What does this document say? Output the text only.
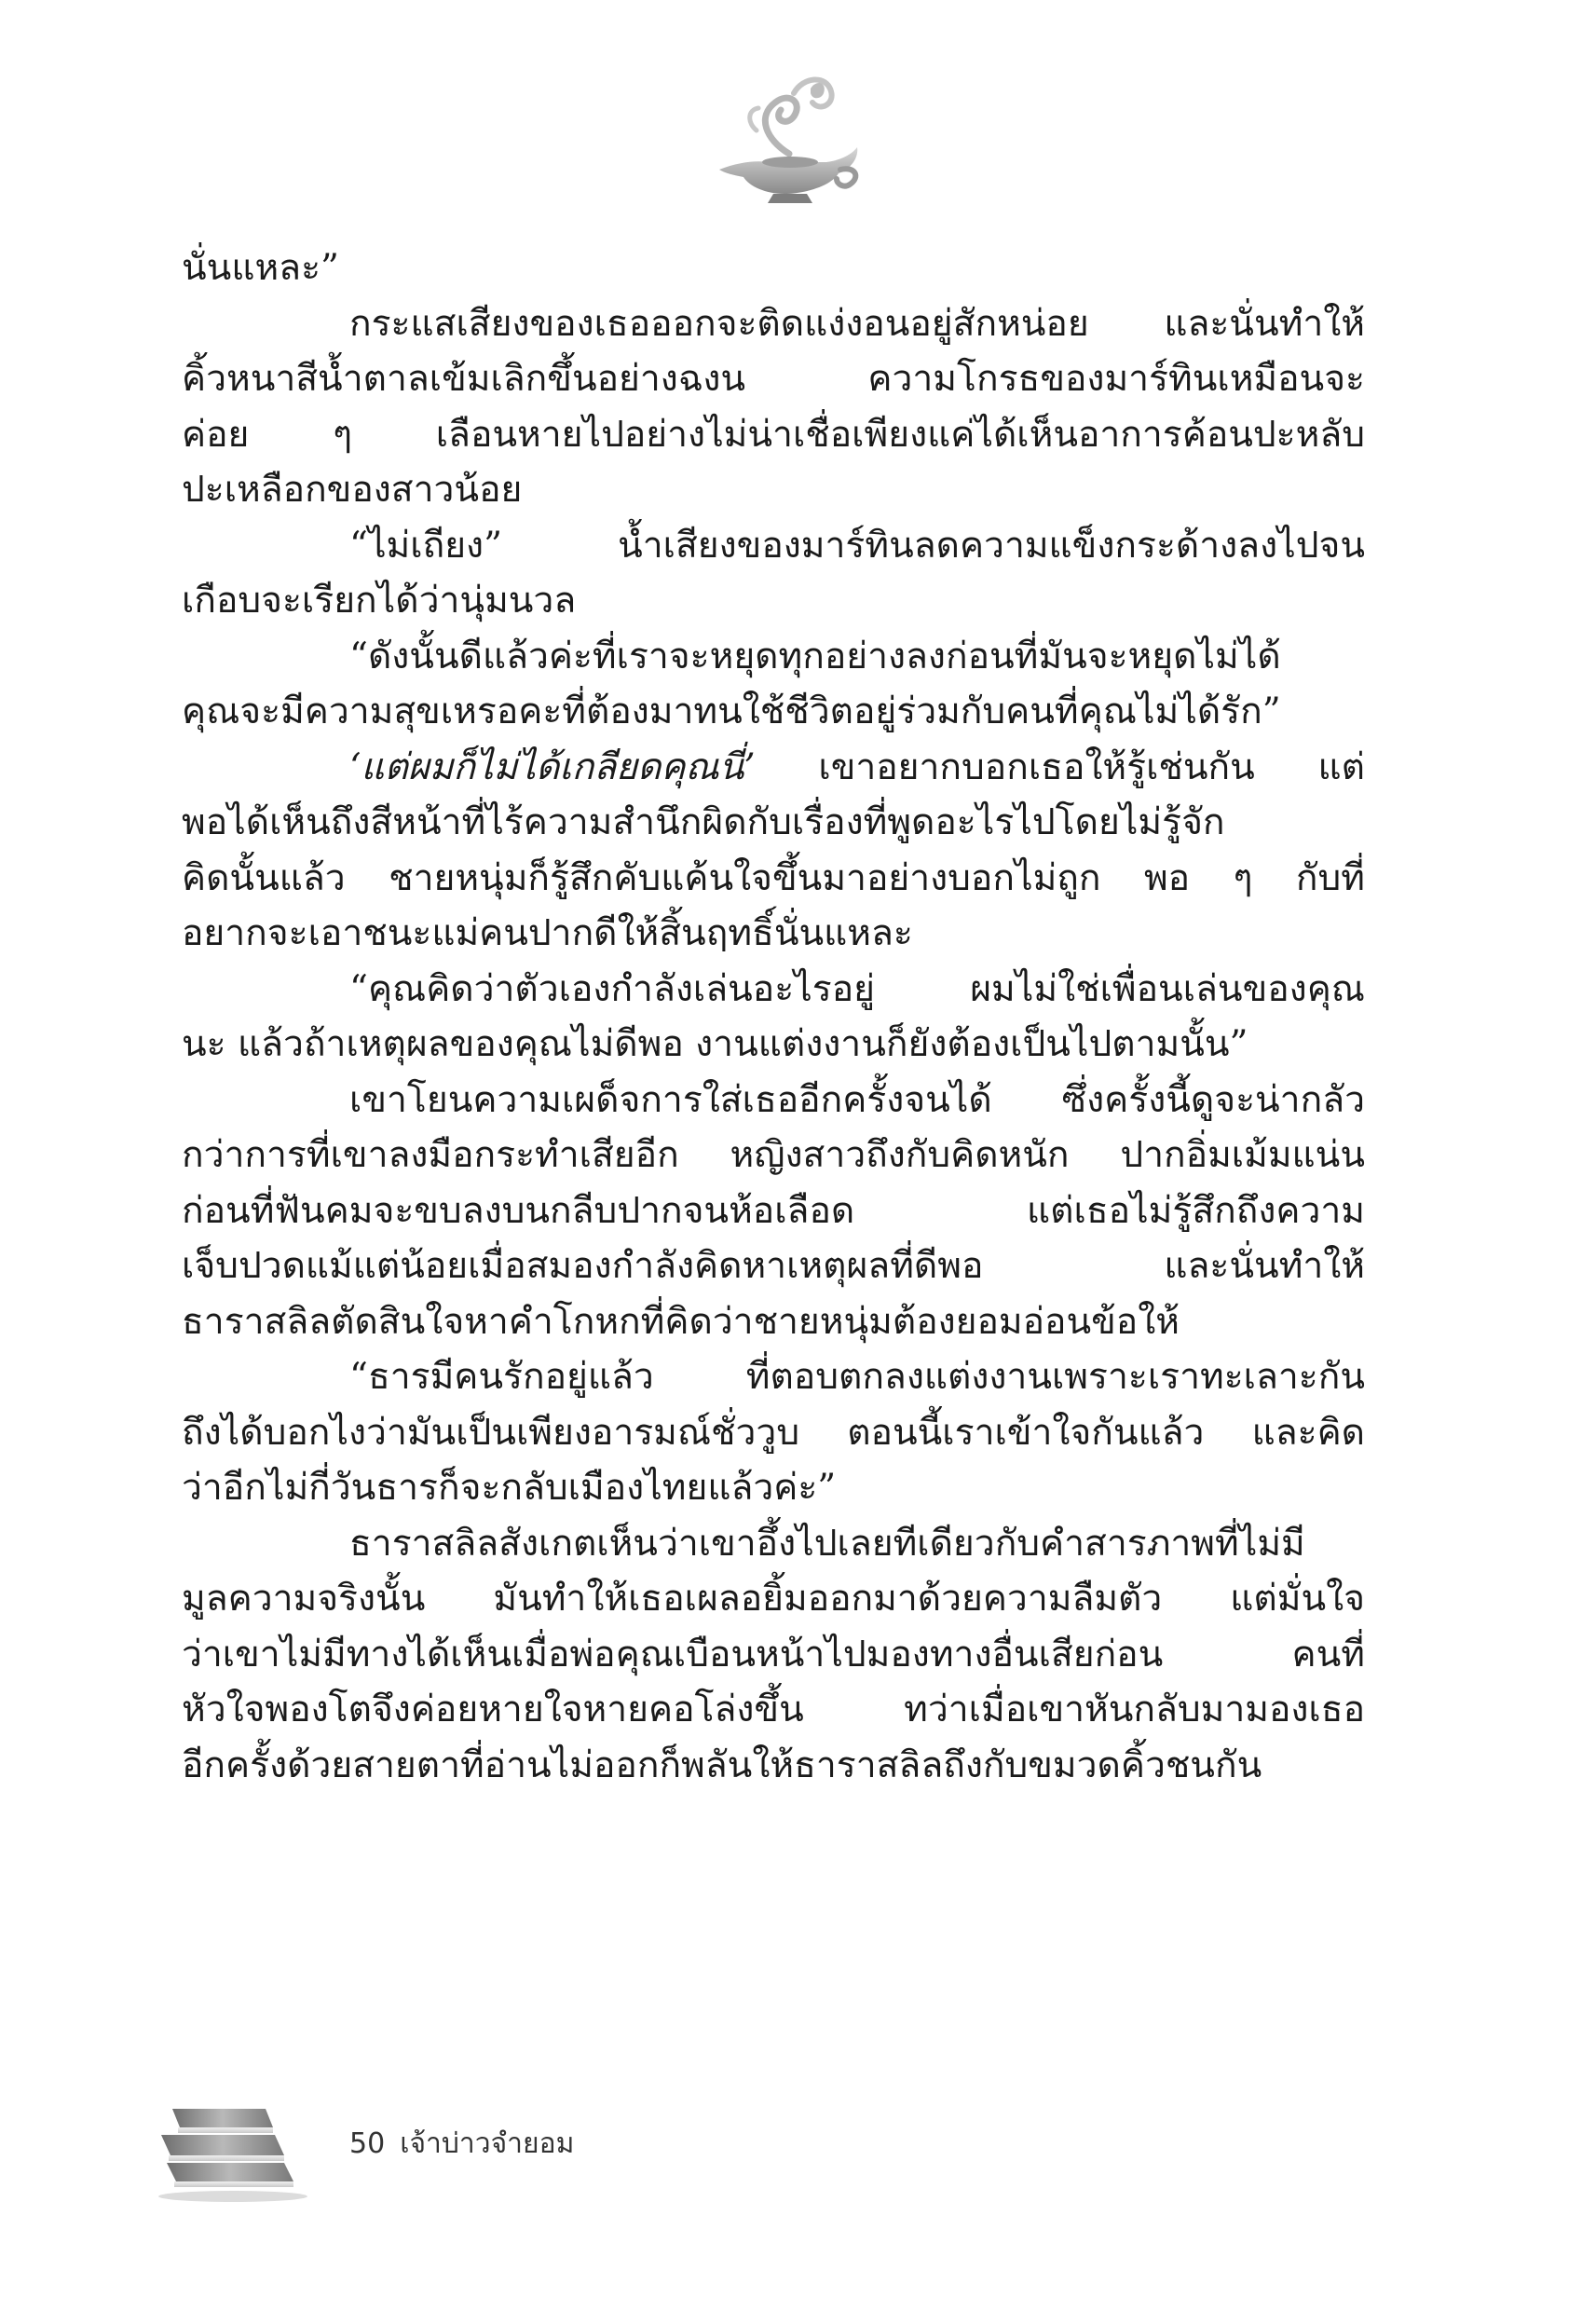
นั่นแหละ”
กระแสเสียงของเธอออกจะติดแง่งอนอยู่สักหน่อย และนั่นทำให้
คิ้วหนาสีน้ำตาลเข้มเลิกขึ้นอย่างฉงน ความโกรธของมาร์ทินเหมือนจะ
ค่อย ๆ เลือนหายไปอย่างไม่น่าเชื่อเพียงแค่ได้เห็นอาการค้อนปะหลับ
ปะเหลือกของสาวน้อย
“ไม่เถียง” น้ำเสียงของมาร์ทินลดความแข็งกระด้างลงไปจน
เกือบจะเรียกได้ว่านุ่มนวล
“ดังนั้นดีแล้วค่ะที่เราจะหยุดทุกอย่างลงก่อนที่มันจะหยุดไม่ได้
คุณจะมีความสุขเหรอคะที่ต้องมาทนใช้ชีวิตอยู่ร่วมกับคนที่คุณไม่ได้รัก”
‘แต่ผมก็ไม่ได้เกลียดคุณนี่’ เขาอยากบอกเธอให้รู้เช่นกัน แต่
พอได้เห็นถึงสีหน้าที่ไร้ความสำนึกผิดกับเรื่องที่พูดอะไรไปโดยไม่รู้จัก
คิดนั้นแล้ว ชายหนุ่มก็รู้สึกคับแค้นใจขึ้นมาอย่างบอกไม่ถูก พอ ๆ กับที่
อยากจะเอาชนะแม่คนปากดีให้สิ้นฤทธิ์นั่นแหละ
“คุณคิดว่าตัวเองกำลังเล่นอะไรอยู่ ผมไม่ใช่เพื่อนเล่นของคุณ
นะ แล้วถ้าเหตุผลของคุณไม่ดีพอ งานแต่งงานก็ยังต้องเป็นไปตามนั้น”
เขาโยนความเผด็จการใส่เธออีกครั้งจนได้ ซึ่งครั้งนี้ดูจะน่ากลัว
กว่าการที่เขาลงมือกระทำเสียอีก หญิงสาวถึงกับคิดหนัก ปากอิ่มเม้มแน่น
ก่อนที่ฟันคมจะขบลงบนกลีบปากจนห้อเลือด แต่เธอไม่รู้สึกถึงความ
เจ็บปวดแม้แต่น้อยเมื่อสมองกำลังคิดหาเหตุผลที่ดีพอ และนั่นทำให้
ธาราสลิลตัดสินใจหาคำโกหกที่คิดว่าชายหนุ่มต้องยอมอ่อนข้อให้
“ธารมีคนรักอยู่แล้ว ที่ตอบตกลงแต่งงานเพราะเราทะเลาะกัน
ถึงได้บอกไงว่ามันเป็นเพียงอารมณ์ชั่ววูบ ตอนนี้เราเข้าใจกันแล้ว และคิด
ว่าอีกไม่กี่วันธารก็จะกลับเมืองไทยแล้วค่ะ”
ธาราสลิลสังเกตเห็นว่าเขาอึ้งไปเลยทีเดียวกับคำสารภาพที่ไม่มี
มูลความจริงนั้น มันทำให้เธอเผลอยิ้มออกมาด้วยความลืมตัว แต่มั่นใจ
ว่าเขาไม่มีทางได้เห็นเมื่อพ่อคุณเบือนหน้าไปมองทางอื่นเสียก่อน คนที่
หัวใจพองโตจึงค่อยหายใจหายคอโล่งขึ้น ทว่าเมื่อเขาหันกลับมามองเธอ
อีกครั้งด้วยสายตาที่อ่านไม่ออกก็พลันให้ธาราสลิลถึงกับขมวดคิ้วชนกัน
50 เจ้าบ่าวจำยอม
